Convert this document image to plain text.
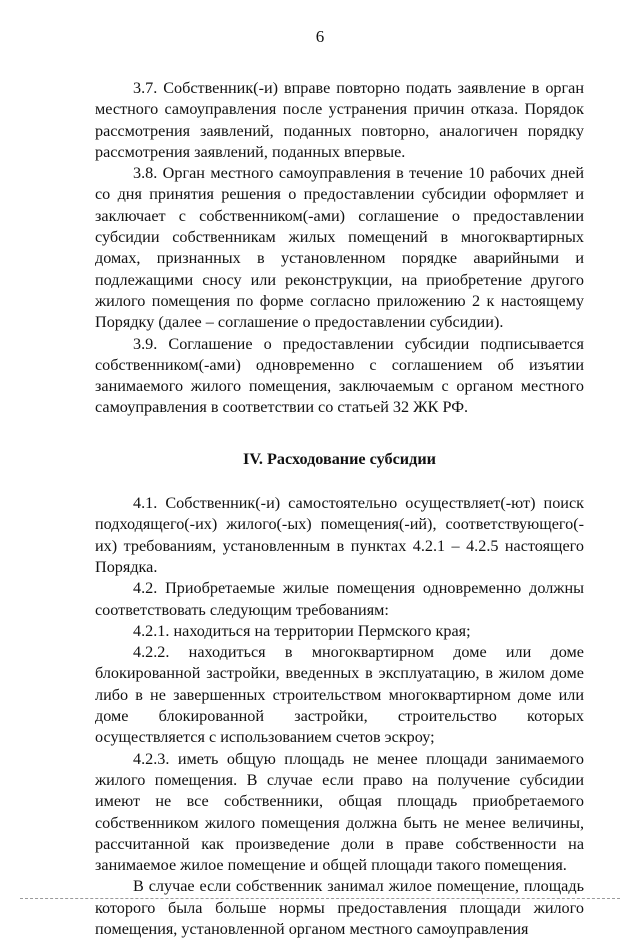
6

3.7. Собственник(-и) вправе повторно подать заявление в орган местного самоуправления после устранения причин отказа. Порядок рассмотрения заявлений, поданных повторно, аналогичен порядку рассмотрения заявлений, поданных впервые.

3.8. Орган местного самоуправления в течение 10 рабочих дней со дня принятия решения о предоставлении субсидии оформляет и заключает с собственником(-ами) соглашение о предоставлении субсидии собственникам жилых помещений в многоквартирных домах, признанных в установленном порядке аварийными и подлежащими сносу или реконструкции, на приобретение другого жилого помещения по форме согласно приложению 2 к настоящему Порядку (далее – соглашение о предоставлении субсидии).

3.9. Соглашение о предоставлении субсидии подписывается собственником(-ами) одновременно с соглашением об изъятии занимаемого жилого помещения, заключаемым с органом местного самоуправления в соответствии со статьей 32 ЖК РФ.

IV. Расходование субсидии

4.1. Собственник(-и) самостоятельно осуществляет(-ют) поиск подходящего(-их) жилого(-ых) помещения(-ий), соответствующего(-их) требованиям, установленным в пунктах 4.2.1 – 4.2.5 настоящего Порядка.

4.2. Приобретаемые жилые помещения одновременно должны соответствовать следующим требованиям:

4.2.1. находиться на территории Пермского края;

4.2.2. находиться в многоквартирном доме или доме блокированной застройки, введенных в эксплуатацию, в жилом доме либо в не завершенных строительством многоквартирном доме или доме блокированной застройки, строительство которых осуществляется с использованием счетов эскроу;

4.2.3. иметь общую площадь не менее площади занимаемого жилого помещения. В случае если право на получение субсидии имеют не все собственники, общая площадь приобретаемого собственником жилого помещения должна быть не менее величины, рассчитанной как произведение доли в праве собственности на занимаемое жилое помещение и общей площади такого помещения.

В случае если собственник занимал жилое помещение, площадь которого была больше нормы предоставления площади жилого помещения, установленной органом местного самоуправления
